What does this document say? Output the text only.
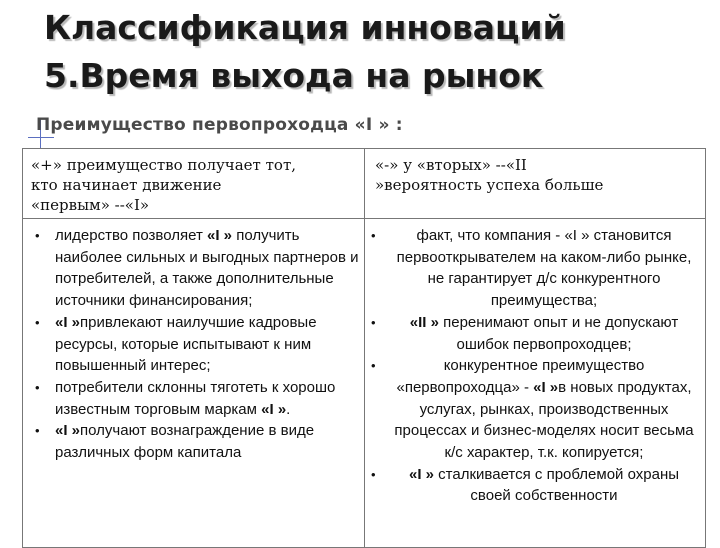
Классификация инноваций
5.Время выхода на рынок
Преимущество первопроходца «I » :
«+» преимущество получает тот,
кто начинает движение
«первым» --«I»
«-» у «вторых» --«II
»вероятность успеха больше
• лидерство позволяет «I » получить наиболее сильных и выгодных партнеров и потребителей, а также дополнительные источники финансирования;
• «I »привлекают наилучшие кадровые ресурсы, которые испытывают к ним повышенный интерес;
• потребители склонны тяготеть к хорошо известным торговым маркам «I ».
• «I »получают вознаграждение в виде различных форм капитала
•	факт, что компания - «I » становится первооткрывателем на каком-либо рынке, не гарантирует д/с конкурентного преимущества;
• «II » перенимают опыт и не допускают ошибок первопроходцев;
•	конкурентное преимущество «первопроходца» - «I »в новых продуктах, услугах, рынках, производственных процессах и бизнес-моделях носит весьма к/с характер, т.к. копируется;
• «I » сталкивается с проблемой охраны своей собственности
